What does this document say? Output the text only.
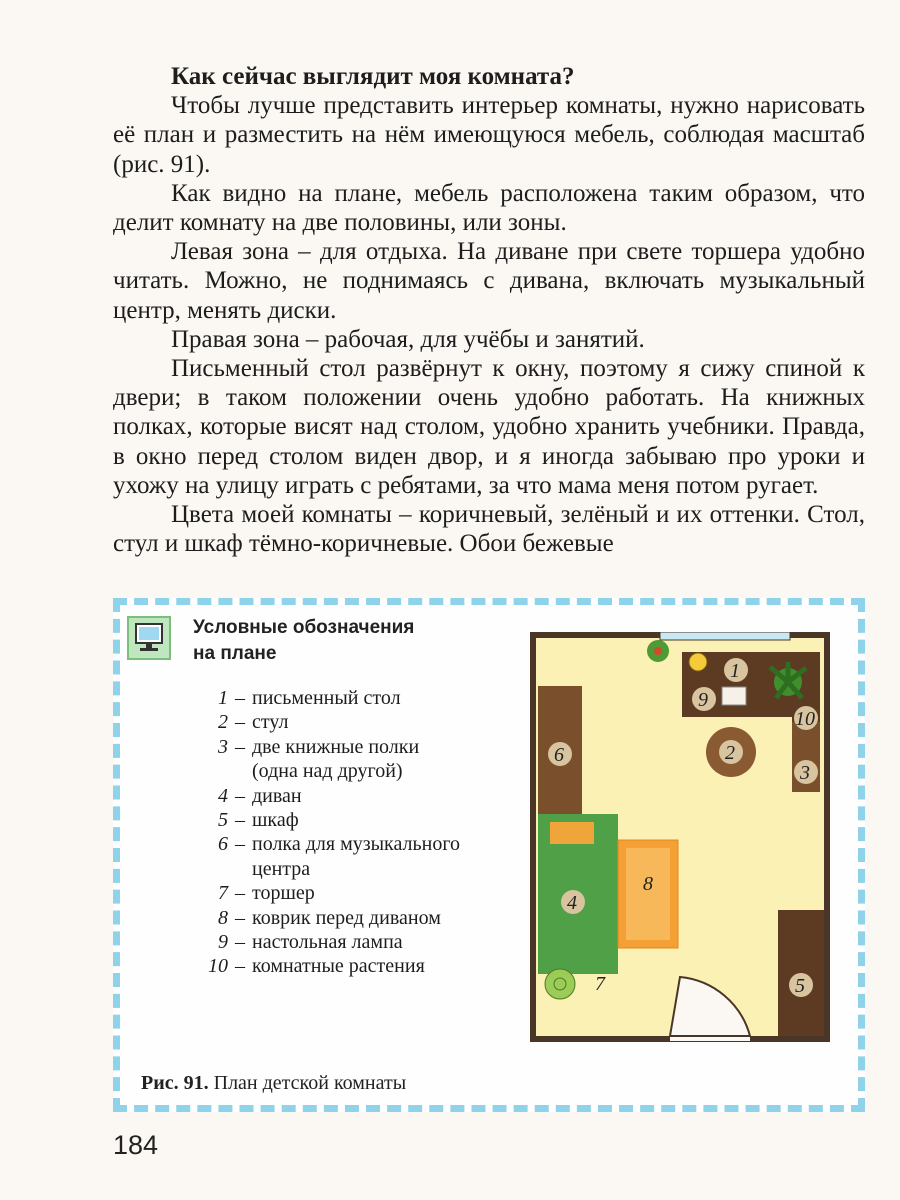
Как сейчас выглядит моя комната?

Чтобы лучше представить интерьер комнаты, нужно нарисовать её план и разместить на нём имеющуюся мебель, соблюдая масштаб (рис. 91).

Как видно на плане, мебель расположена таким образом, что делит комнату на две половины, или зоны.

Левая зона – для отдыха. На диване при свете торшера удобно читать. Можно, не поднимаясь с дивана, включать музыкальный центр, менять диски.

Правая зона – рабочая, для учёбы и занятий.

Письменный стол развёрнут к окну, поэтому я сижу спиной к двери; в таком положении очень удобно работать. На книжных полках, которые висят над столом, удобно хранить учебники. Правда, в окно перед столом виден двор, и я иногда забываю про уроки и ухожу на улицу играть с ребятами, за что мама меня потом ругает.

Цвета моей комнаты – коричневый, зелёный и их оттенки. Стол, стул и шкаф тёмно-коричневые. Обои бежевые

Условные обозначения
на плане
1 – письменный стол
2 – стул
3 – две книжные полки
(одна над другой)
4 – диван
5 – шкаф
6 – полка для музыкального
центра
7 – торшер
8 – коврик перед диваном
9 – настольная лампа
10 – комнатные растения
1
9
10
2
3
6
4
8
7	5
Рис. 91. План детской комнаты
184
